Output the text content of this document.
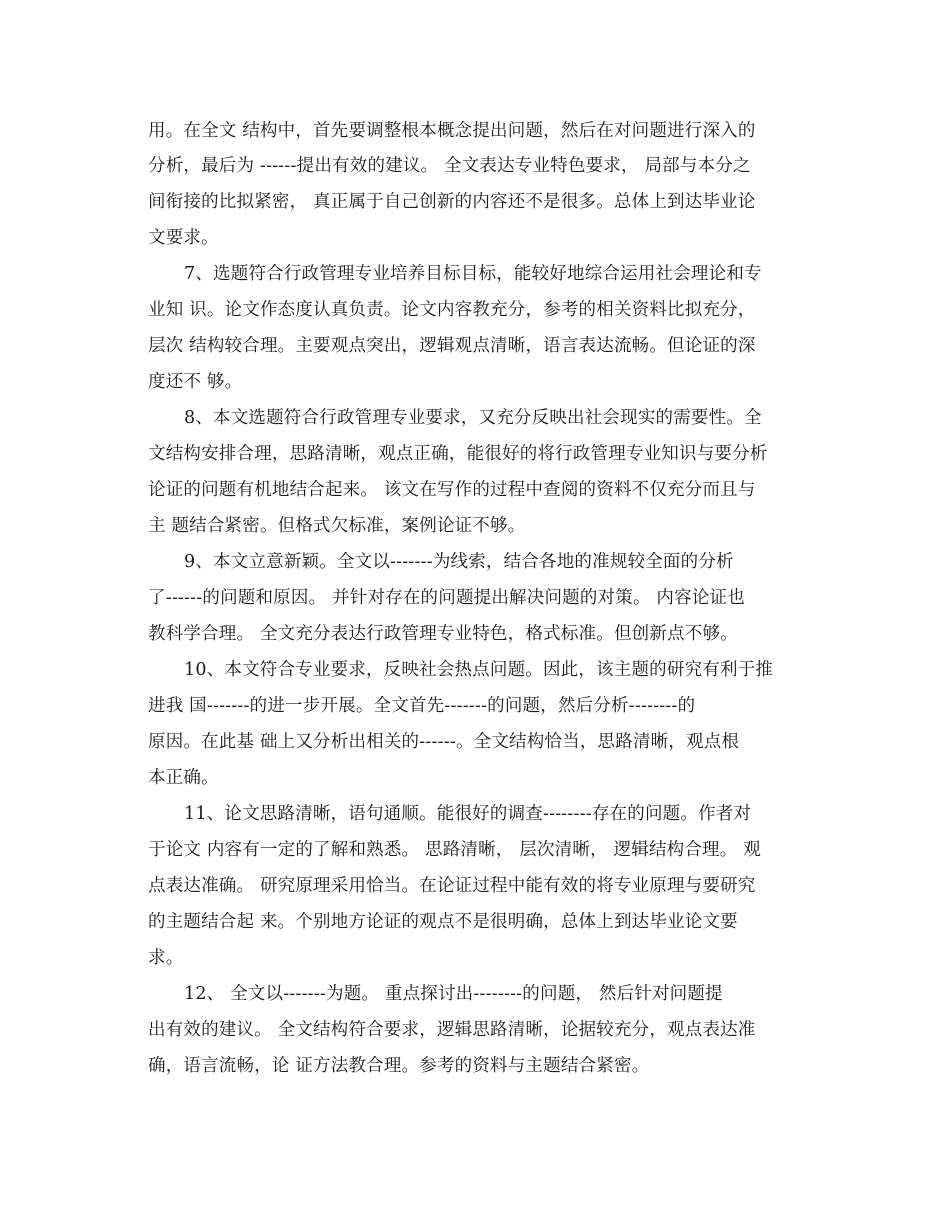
用。在全文 结构中，首先要调整根本概念提出问题，然后在对问题进行深入的
分析，最后为 ------提出有效的建议。 全文表达专业特色要求， 局部与本分之
间衔接的比拟紧密， 真正属于自己创新的内容还不是很多。总体上到达毕业论
文要求。
7、选题符合行政管理专业培养目标目标，能较好地综合运用社会理论和专
业知 识。论文作态度认真负责。论文内容教充分，参考的相关资料比拟充分，
层次 结构较合理。主要观点突出，逻辑观点清晰，语言表达流畅。但论证的深
度还不 够。
8、本文选题符合行政管理专业要求，又充分反映出社会现实的需要性。全
文结构安排合理，思路清晰，观点正确，能很好的将行政管理专业知识与要分析
论证的问题有机地结合起来。 该文在写作的过程中查阅的资料不仅充分而且与
主 题结合紧密。但格式欠标准，案例论证不够。
9、本文立意新颖。全文以-------为线索，结合各地的准规较全面的分析
了------的问题和原因。 并针对存在的问题提出解决问题的对策。 内容论证也
教科学合理。 全文充分表达行政管理专业特色，格式标准。但创新点不够。
10、本文符合专业要求，反映社会热点问题。因此，该主题的研究有利于推
进我 国-------的进一步开展。全文首先-------的问题，然后分析--------的
原因。在此基 础上又分析出相关的------。全文结构恰当，思路清晰，观点根
本正确。
11、论文思路清晰，语句通顺。能很好的调查--------存在的问题。作者对
于论文 内容有一定的了解和熟悉。 思路清晰， 层次清晰， 逻辑结构合理。 观
点表达准确。 研究原理采用恰当。在论证过程中能有效的将专业原理与要研究
的主题结合起 来。个别地方论证的观点不是很明确，总体上到达毕业论文要
求。
12、 全文以-------为题。 重点探讨出--------的问题， 然后针对问题提
出有效的建议。 全文结构符合要求，逻辑思路清晰，论据较充分，观点表达准
确，语言流畅，论 证方法教合理。参考的资料与主题结合紧密。
